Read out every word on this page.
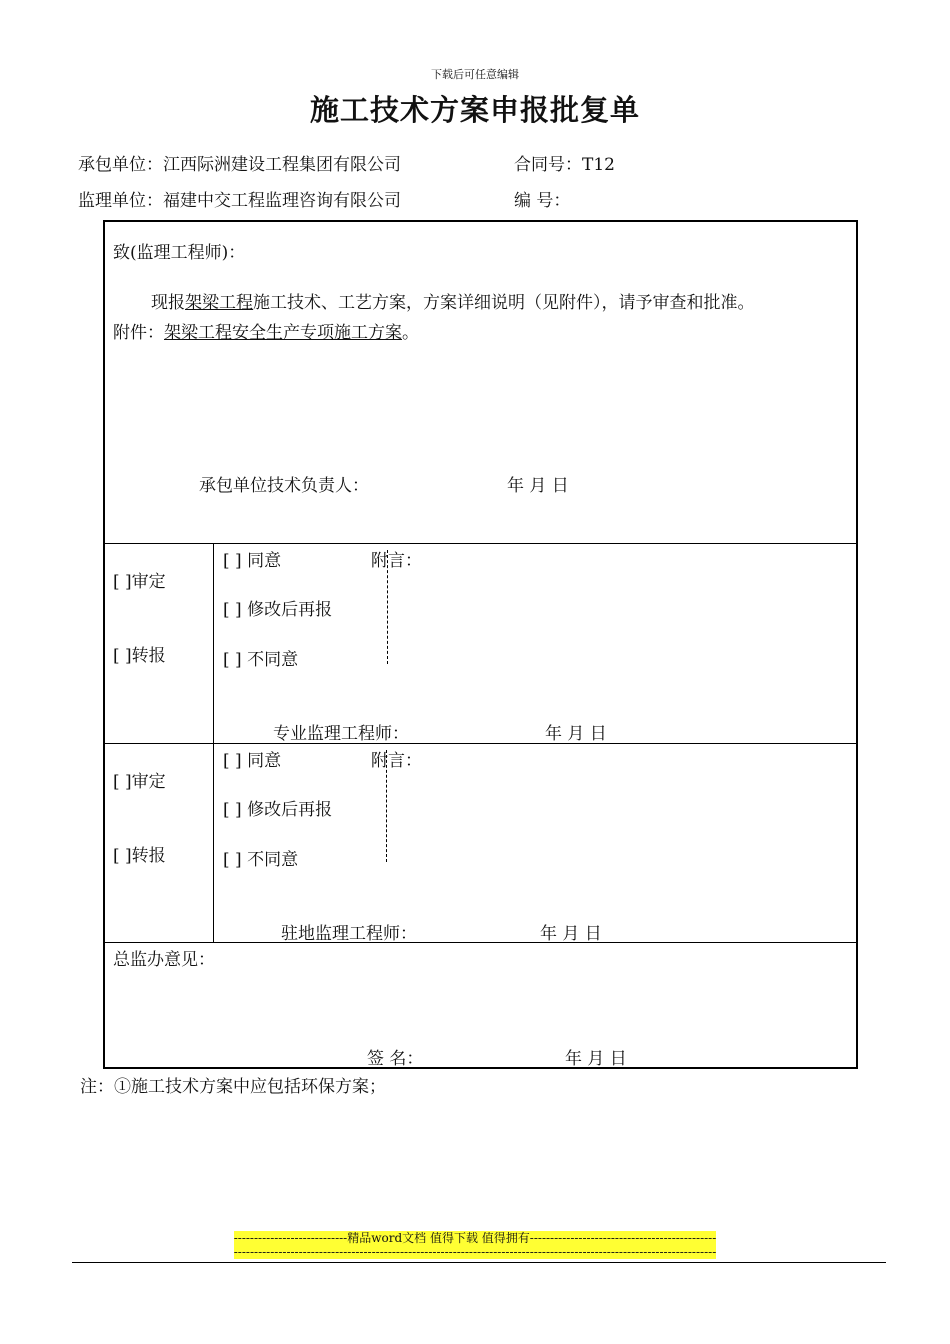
下载后可任意编辑
施工技术方案申报批复单
承包单位：江西际洲建设工程集团有限公司	合同号：T12
监理单位：福建中交工程监理咨询有限公司	编 号：
致(监理工程师)：
现报架梁工程施工技术、工艺方案，方案详细说明（见附件），请予审查和批准。
附件：架梁工程安全生产专项施工方案。
承包单位技术负责人：	年 月 日
[ ]审定
[ ]转报
[ ] 同意
[ ] 修改后再报
[ ] 不同意
附言：
专业监理工程师：	年 月 日
[ ]审定
[ ]转报
[ ] 同意
[ ] 修改后再报
[ ] 不同意
附言：
驻地监理工程师：	年 月 日
总监办意见：
签 名：	年 月 日
注：①施工技术方案中应包括环保方案；
----------------------------精品word文档 值得下载 值得拥有----------------------------------------------
-----------------------------------------------------------------------------------------------------------------------
